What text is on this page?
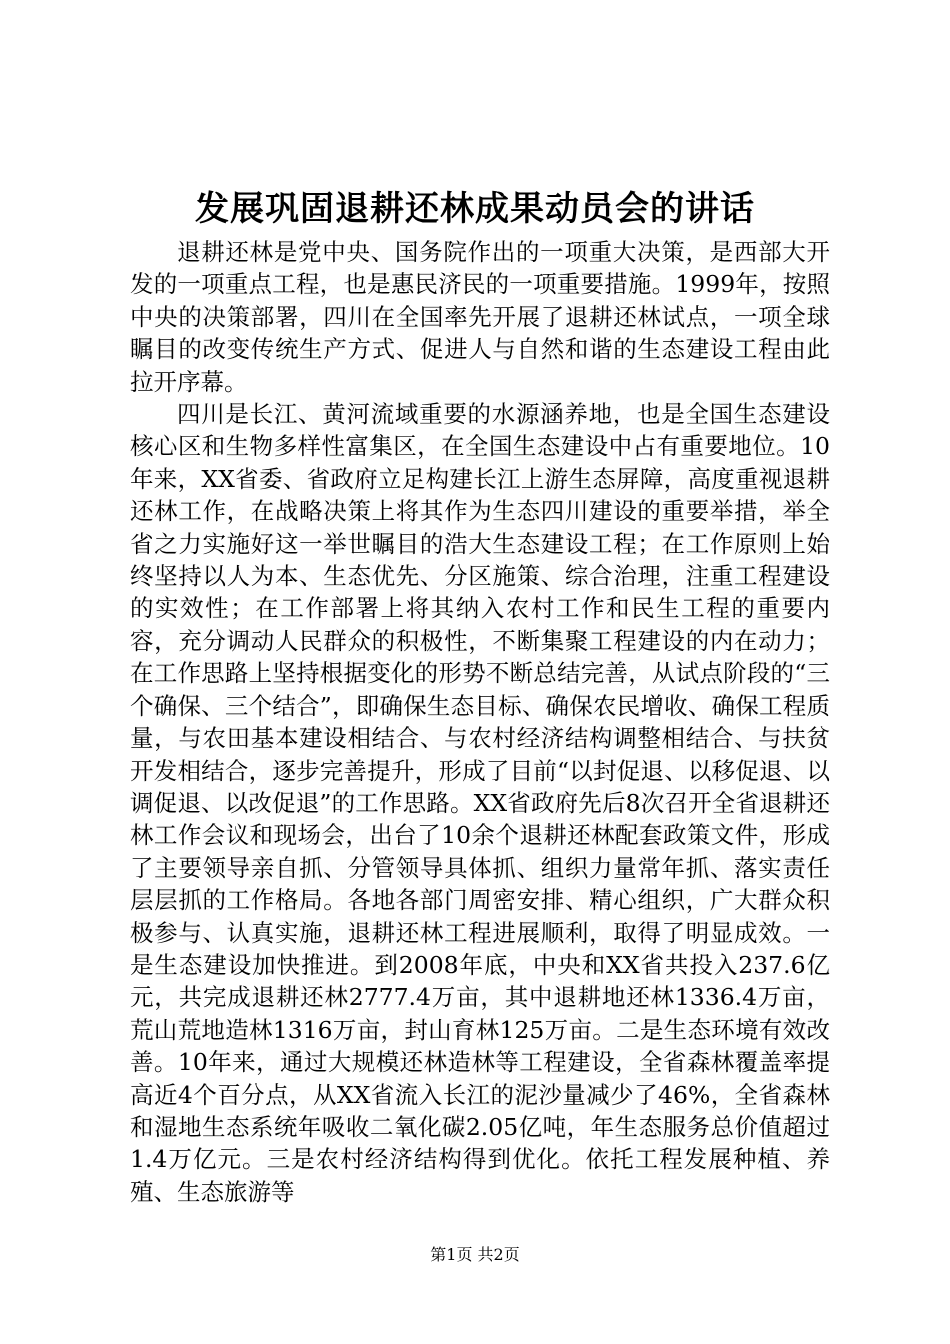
发展巩固退耕还林成果动员会的讲话

退耕还林是党中央、国务院作出的一项重大决策，是西部大开发的一项重点工程，也是惠民济民的一项重要措施。1999年，按照中央的决策部署，四川在全国率先开展了退耕还林试点，一项全球瞩目的改变传统生产方式、促进人与自然和谐的生态建设工程由此拉开序幕。

四川是长江、黄河流域重要的水源涵养地，也是全国生态建设核心区和生物多样性富集区，在全国生态建设中占有重要地位。10年来，XX省委、省政府立足构建长江上游生态屏障，高度重视退耕还林工作，在战略决策上将其作为生态四川建设的重要举措，举全省之力实施好这一举世瞩目的浩大生态建设工程；在工作原则上始终坚持以人为本、生态优先、分区施策、综合治理，注重工程建设的实效性；在工作部署上将其纳入农村工作和民生工程的重要内容，充分调动人民群众的积极性，不断集聚工程建设的内在动力；在工作思路上坚持根据变化的形势不断总结完善，从试点阶段的“三个确保、三个结合”，即确保生态目标、确保农民增收、确保工程质量，与农田基本建设相结合、与农村经济结构调整相结合、与扶贫开发相结合，逐步完善提升，形成了目前“以封促退、以移促退、以调促退、以改促退”的工作思路。XX省政府先后8次召开全省退耕还林工作会议和现场会，出台了10余个退耕还林配套政策文件，形成了主要领导亲自抓、分管领导具体抓、组织力量常年抓、落实责任层层抓的工作格局。各地各部门周密安排、精心组织，广大群众积极参与、认真实施，退耕还林工程进展顺利，取得了明显成效。一是生态建设加快推进。到2008年底，中央和XX省共投入237.6亿元，共完成退耕还林2777.4万亩，其中退耕地还林1336.4万亩，荒山荒地造林1316万亩，封山育林125万亩。二是生态环境有效改善。10年来，通过大规模还林造林等工程建设，全省森林覆盖率提高近4个百分点，从XX省流入长江的泥沙量减少了46%，全省森林和湿地生态系统年吸收二氧化碳2.05亿吨，年生态服务总价值超过1.4万亿元。三是农村经济结构得到优化。依托工程发展种植、养殖、生态旅游等

第1页 共2页
